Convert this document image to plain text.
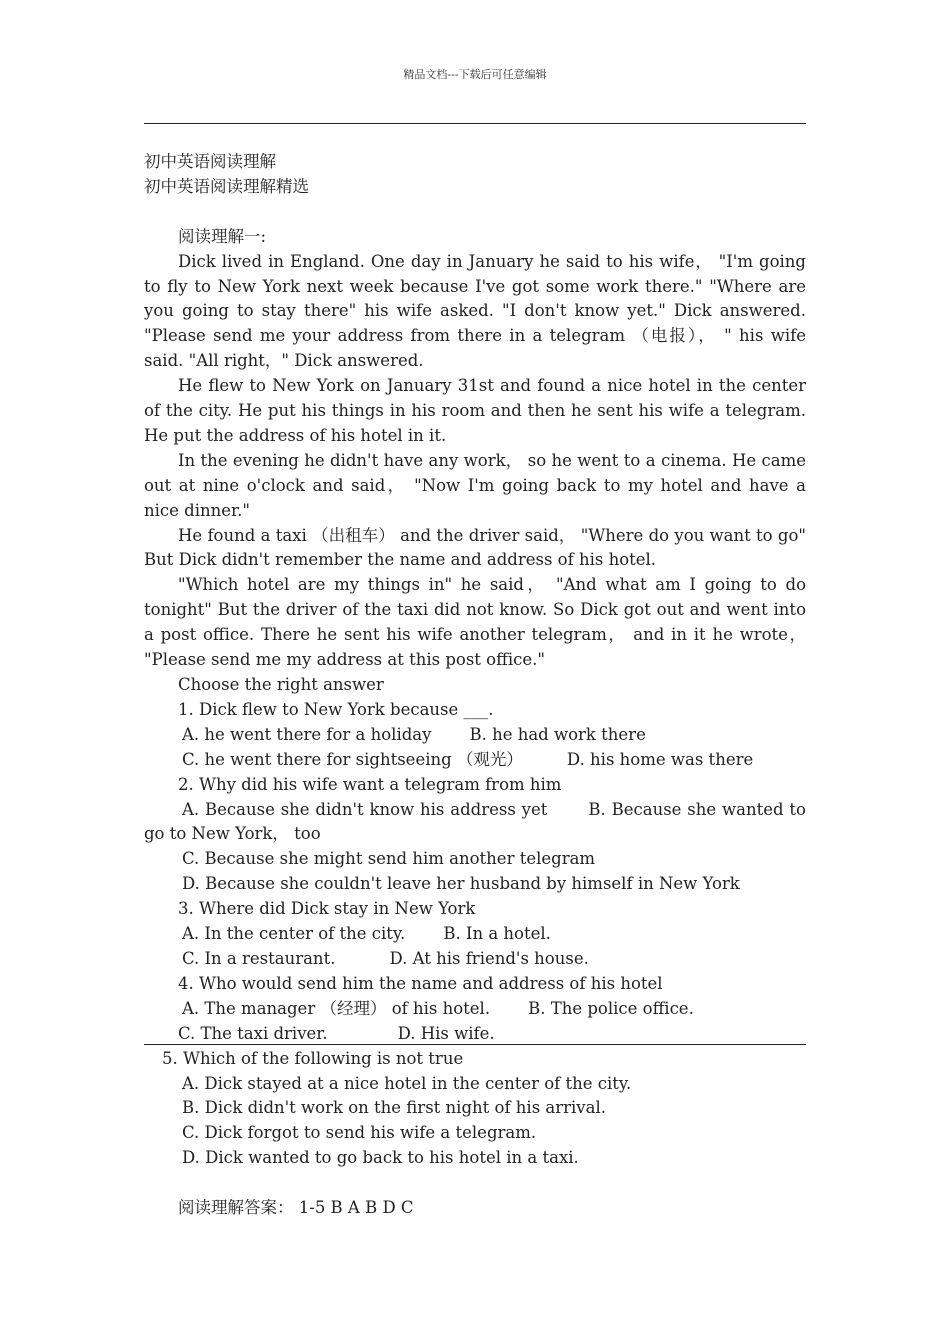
精品文档---下载后可任意编辑
初中英语阅读理解
初中英语阅读理解精选
阅读理解一:
Dick lived in England. One day in January he said to his wife， "I'm going to fly to New York next week because I've got some work there." "Where are you going to stay there" his wife asked. "I don't know yet." Dick answered. "Please send me your address from there in a telegram （电报）， " his wife said. "All right，" Dick answered.
He flew to New York on January 31st and found a nice hotel in the center of the city. He put his things in his room and then he sent his wife a telegram. He put the address of his hotel in it.
In the evening he didn't have any work， so he went to a cinema. He came out at nine o'clock and said， "Now I'm going back to my hotel and have a nice dinner."
He found a taxi （出租车） and the driver said， "Where do you want to go" But Dick didn't remember the name and address of his hotel.
"Which hotel are my things in" he said， "And what am I going to do tonight" But the driver of the taxi did not know. So Dick got out and went into a post office. There he sent his wife another telegram， and in it he wrote， "Please send me my address at this post office."
Choose the right answer
1. Dick flew to New York because ___.
A. he went there for a holiday B. he had work there
C. he went there for sightseeing （观光）	D. his home was there
2. Why did his wife want a telegram from him
A. Because she didn't know his address yet B. Because she wanted to go to New York， too
C. Because she might send him another telegram
D. Because she couldn't leave her husband by himself in New York
3. Where did Dick stay in New York
A. In the center of the city. B. In a hotel.
C. In a restaurant.	D. At his friend's house.
4. Who would send him the name and address of his hotel
A. The manager （经理） of his hotel. B. The police office.
C. The taxi driver.	D. His wife.
5. Which of the following is not true
A. Dick stayed at a nice hotel in the center of the city.
B. Dick didn't work on the first night of his arrival.
C. Dick forgot to send his wife a telegram.
D. Dick wanted to go back to his hotel in a taxi.
阅读理解答案： 1-5 B A B D C
